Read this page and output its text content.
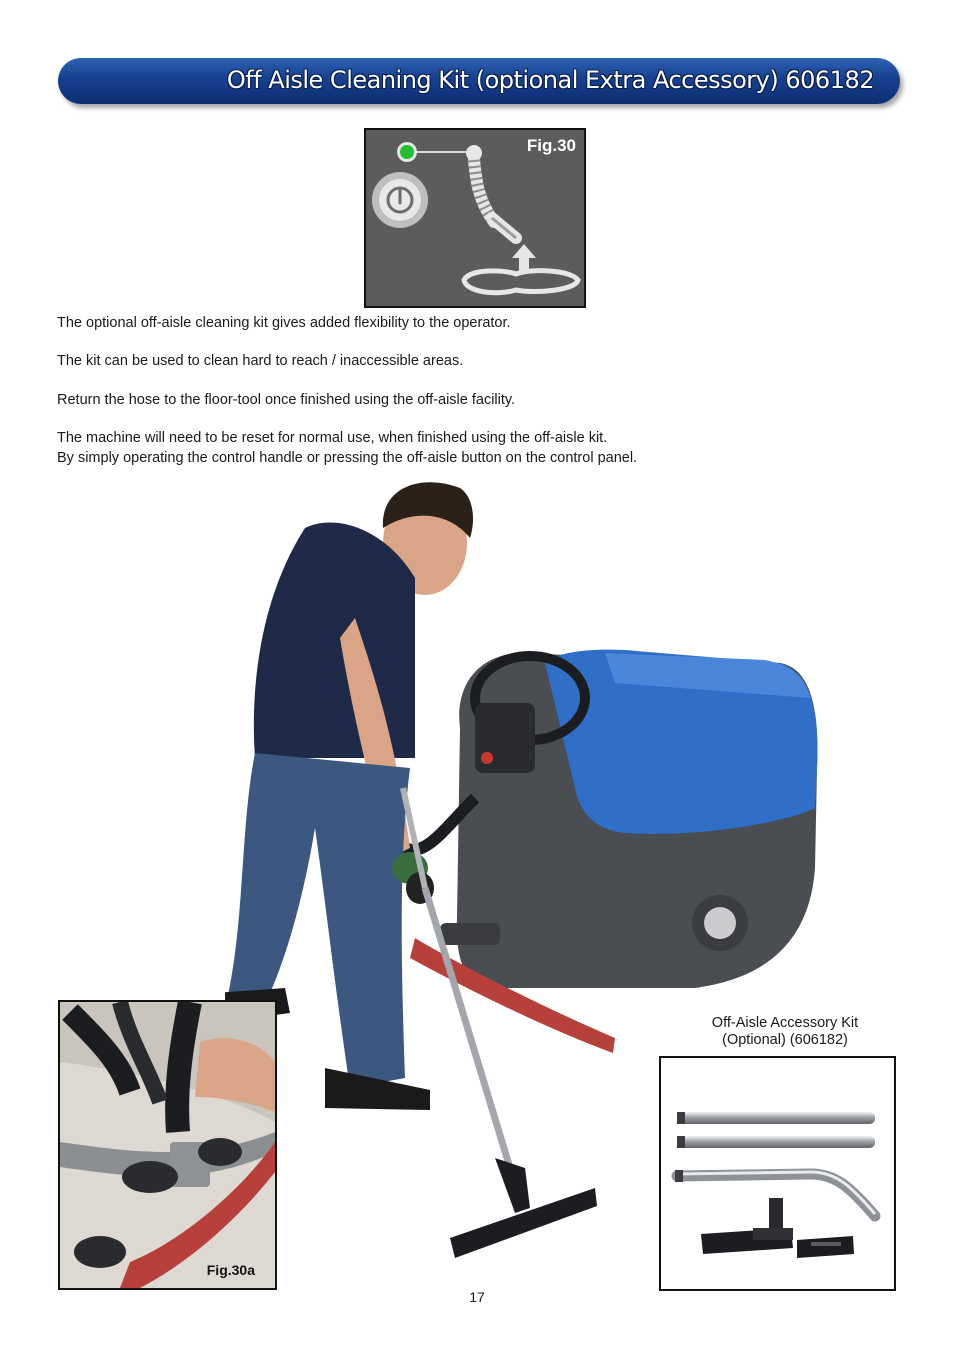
Off Aisle Cleaning Kit (optional Extra Accessory) 606182
Fig.30

The optional off-aisle cleaning kit gives added flexibility to the operator.

The kit can be used to clean hard to reach / inaccessible areas.

Return the hose to the floor-tool once finished using the off-aisle facility.

The machine will need to be reset for normal use, when finished using the off-aisle kit.

By simply operating the control handle or pressing the off-aisle button on the control panel.

Fig.30a
Off-Aisle Accessory Kit
(Optional) (606182)
17
